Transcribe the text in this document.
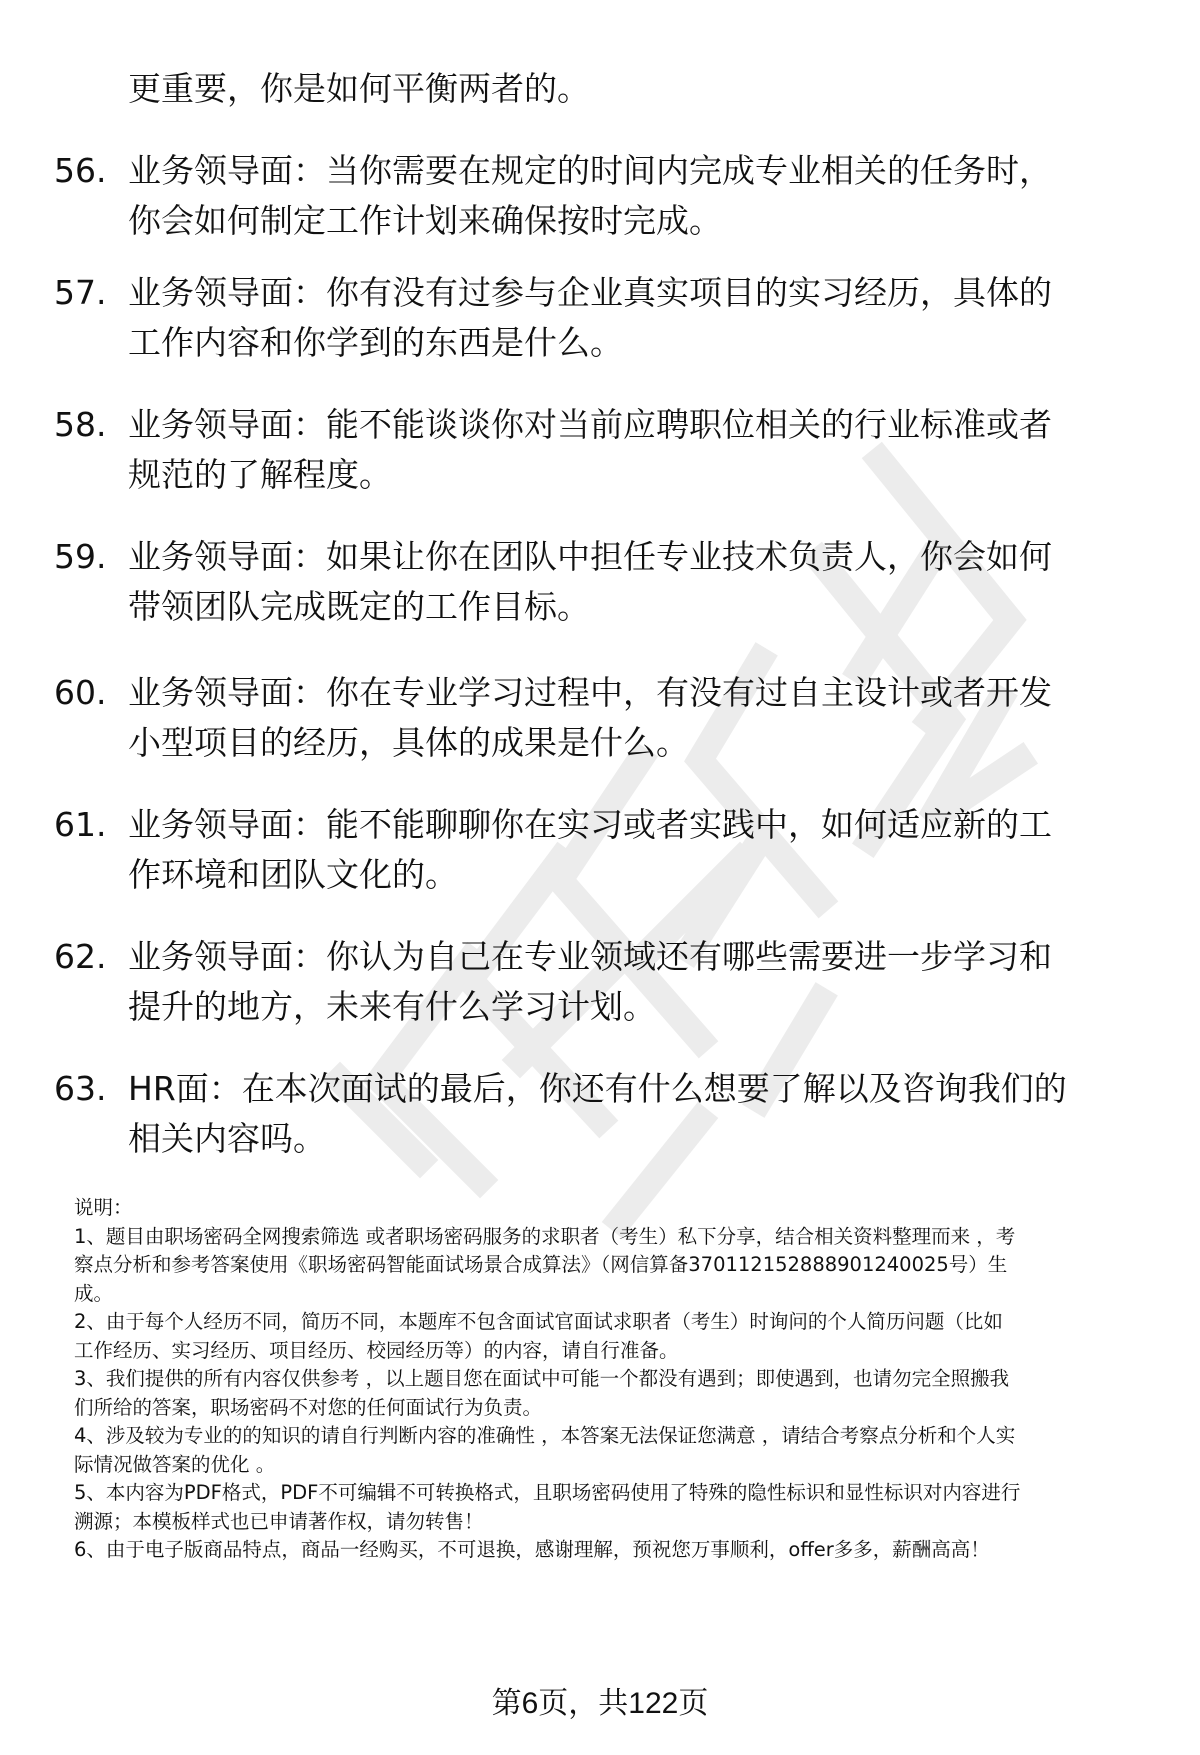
更重要，你是如何平衡两者的。
56. 业务领导面：当你需要在规定的时间内完成专业相关的任务时，
你会如何制定工作计划来确保按时完成。
57. 业务领导面：你有没有过参与企业真实项目的实习经历，具体的
工作内容和你学到的东西是什么。
58. 业务领导面：能不能谈谈你对当前应聘职位相关的行业标准或者
规范的了解程度。
59. 业务领导面：如果让你在团队中担任专业技术负责人，你会如何
带领团队完成既定的工作目标。
60. 业务领导面：你在专业学习过程中，有没有过自主设计或者开发
小型项目的经历，具体的成果是什么。
61. 业务领导面：能不能聊聊你在实习或者实践中，如何适应新的工
作环境和团队文化的。
62. 业务领导面：你认为自己在专业领域还有哪些需要进一步学习和
提升的地方，未来有什么学习计划。
63. HR面：在本次面试的最后，你还有什么想要了解以及咨询我们的
相关内容吗。
说明：
1、题目由职场密码全网搜索筛选 或者职场密码服务的求职者（考生）私下分享，结合相关资料整理而来 ，考
察点分析和参考答案使用《职场密码智能面试场景合成算法》（网信算备370112152888901240025号）生
成。
2、由于每个人经历不同，简历不同，本题库不包含面试官面试求职者（考生）时询问的个人简历问题（比如
工作经历、实习经历、项目经历、校园经历等）的内容，请自行准备。
3、我们提供的所有内容仅供参考 ，以上题目您在面试中可能一个都没有遇到；即使遇到，也请勿完全照搬我
们所给的答案，职场密码不对您的任何面试行为负责。
4、涉及较为专业的的知识的请自行判断内容的准确性 ，本答案无法保证您满意 ，请结合考察点分析和个人实
际情况做答案的优化 。
5、本内容为PDF格式，PDF不可编辑不可转换格式，且职场密码使用了特殊的隐性标识和显性标识对内容进行
溯源；本模板样式也已申请著作权，请勿转售！
6、由于电子版商品特点，商品一经购买，不可退换，感谢理解，预祝您万事顺利，offer多多，薪酬高高！
第6页，共122页
